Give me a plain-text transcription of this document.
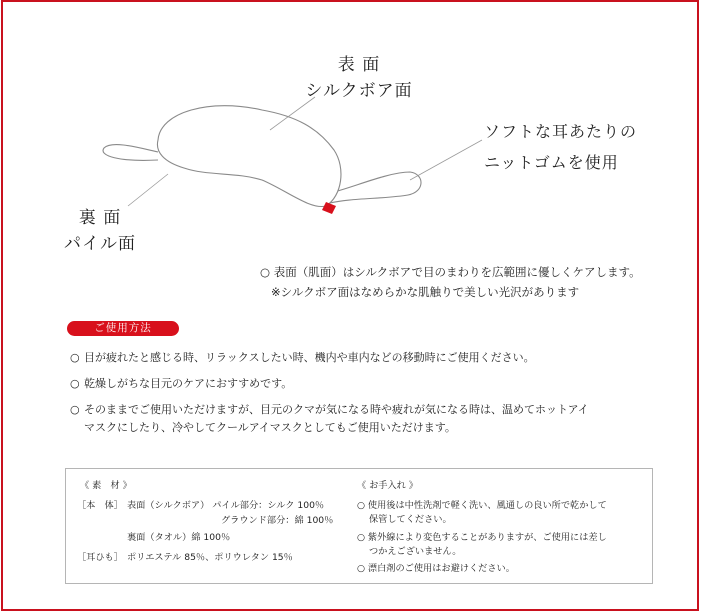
表 面
シルクボア面
ソフトな耳あたりの
ニットゴムを使用
裏 面
パイル面
○ 表面（肌面）はシルクボアで目のまわりを広範囲に優しくケアします。
※シルクボア面はなめらかな肌触りで美しい光沢があります
ご使用方法
○ 目が疲れたと感じる時、リラックスしたい時、機内や車内などの移動時にご使用ください。
○ 乾燥しがちな目元のケアにおすすめです。
○ そのままでご使用いただけますが、目元のクマが気になる時や疲れが気になる時は、温めてホットアイ
マスクにしたり、冷やしてクールアイマスクとしてもご使用いただけます。
《 素　材 》
［本　体］ 表面（シルクボア） パイル部分：シルク 100％
グラウンド部分：綿 100％
裏面（タオル）綿 100％
［耳ひも］ ポリエステル 85％、ポリウレタン 15％
《 お手入れ 》
○ 使用後は中性洗剤で軽く洗い、風通しの良い所で乾かして
保管してください。
○ 紫外線により変色することがありますが、ご使用には差し
つかえございません。
○ 漂白剤のご使用はお避けください。
